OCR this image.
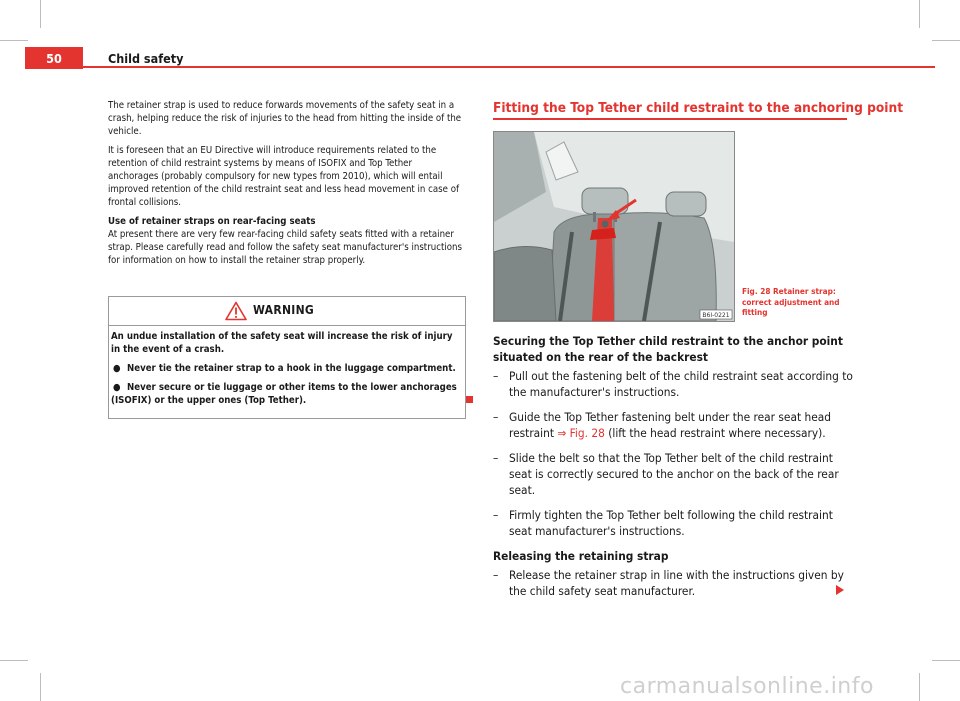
50	Child safety

The retainer strap is used to reduce forwards movements of the safety seat in a crash, helping reduce the risk of injuries to the head from hitting the inside of the vehicle.

It is foreseen that an EU Directive will introduce requirements related to the retention of child restraint systems by means of ISOFIX and Top Tether anchorages (probably compulsory for new types from 2010), which will entail improved retention of the child restraint seat and less head movement in case of frontal collisions.

Use of retainer straps on rear-facing seats

At present there are very few rear-facing child safety seats fitted with a retainer strap. Please carefully read and follow the safety seat manufacturer's instructions for information on how to install the retainer strap properly.

WARNING

An undue installation of the safety seat will increase the risk of injury in the event of a crash.

● Never tie the retainer strap to a hook in the luggage compartment.

● Never secure or tie luggage or other items to the lower anchorages (ISOFIX) or the upper ones (Top Tether).

Fitting the Top Tether child restraint to the anchoring point
B6I-0221
Fig. 28 Retainer strap: correct adjustment and fitting

Securing the Top Tether child restraint to the anchor point situated on the rear of the backrest

– Pull out the fastening belt of the child restraint seat according to the manufacturer's instructions.
– Guide the Top Tether fastening belt under the rear seat head restraint ⇒ Fig. 28 (lift the head restraint where necessary).
– Slide the belt so that the Top Tether belt of the child restraint seat is correctly secured to the anchor on the back of the rear seat.
– Firmly tighten the Top Tether belt following the child restraint seat manufacturer's instructions.

Releasing the retaining strap

– Release the retainer strap in line with the instructions given by the child safety seat manufacturer.
carmanualsonline.info
